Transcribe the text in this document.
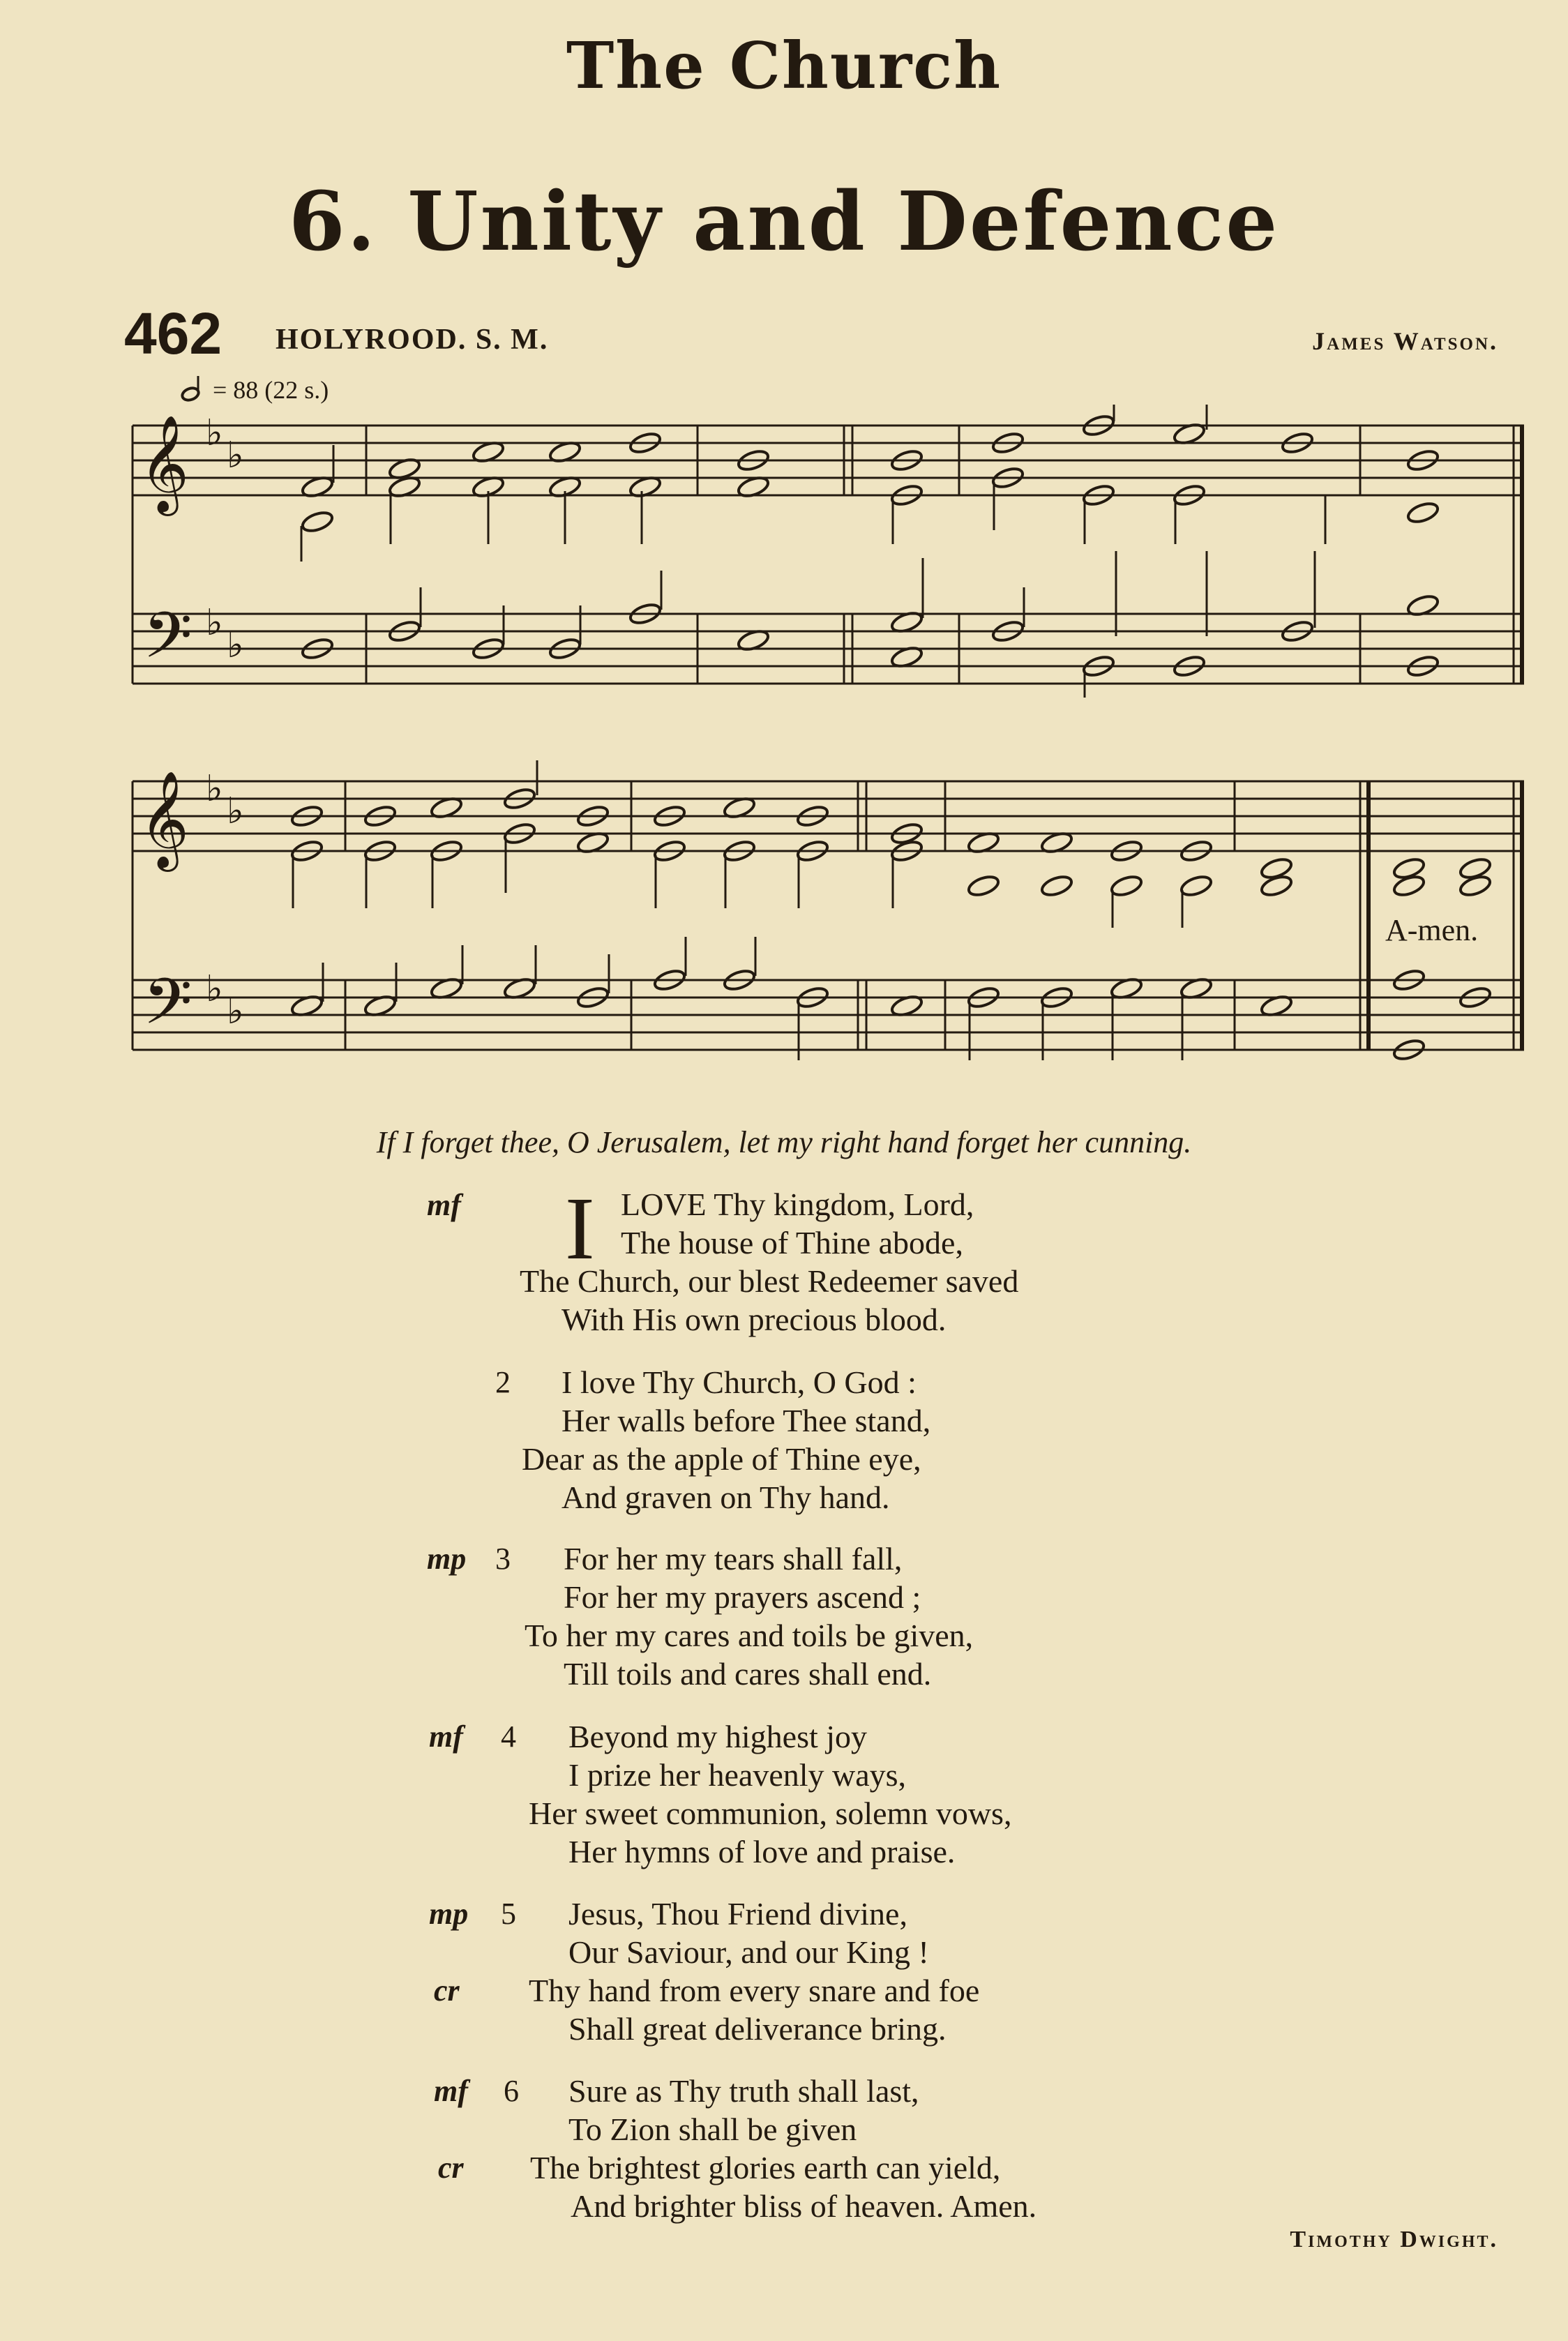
The Church
6. Unity and Defence
462 HOLYROOD. S. M.	James Watson.
= 88 (22 s.)
𝄞
𝄢
♭
♭
♭
♭
𝄞
𝄢
♭
♭
♭
♭
A-men.
If I forget thee, O Jerusalem, let my right hand forget her cunning.
mf I LOVE Thy kingdom, Lord,
The house of Thine abode,
The Church, our blest Redeemer saved
With His own precious blood.
2 I love Thy Church, O God :
Her walls before Thee stand,
Dear as the apple of Thine eye,
And graven on Thy hand.
mp 3 For her my tears shall fall,
For her my prayers ascend ;
To her my cares and toils be given,
Till toils and cares shall end.
mf 4 Beyond my highest joy
I prize her heavenly ways,
Her sweet communion, solemn vows,
Her hymns of love and praise.
mp 5 Jesus, Thou Friend divine,
Our Saviour, and our King !
cr Thy hand from every snare and foe
Shall great deliverance bring.
mf 6 Sure as Thy truth shall last,
To Zion shall be given
cr The brightest glories earth can yield,
And brighter bliss of heaven. Amen.
Timothy Dwight.
